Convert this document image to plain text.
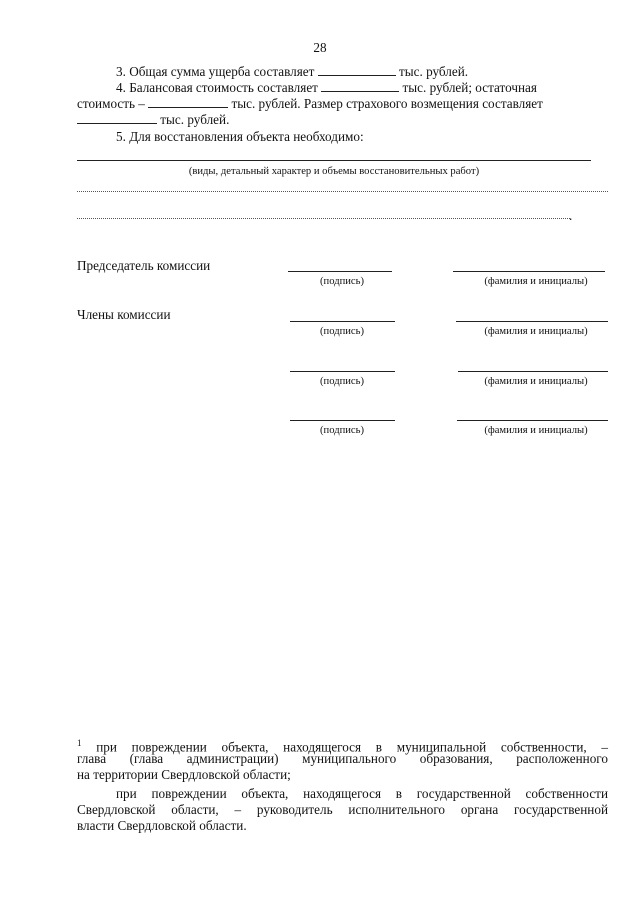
28
3. Общая сумма ущерба составляет	тыс. рублей.
4. Балансовая стоимость составляет	тыс. рублей; остаточная
стоимость –	тыс. рублей. Размер страхового возмещения составляет
тыс. рублей.
5. Для восстановления объекта необходимо:
(виды, детальный характер и объемы восстановительных работ)
.
Председатель комиссии
(подпись)	(фамилия и инициалы)
Члены комиссии
(подпись)	(фамилия и инициалы)
(подпись)	(фамилия и инициалы)
(подпись)	(фамилия и инициалы)
$^1$ при повреждении объекта, находящегося в муниципальной собственности, –
глава (глава администрации) муниципального образования, расположенного
на территории Свердловской области;
при повреждении объекта, находящегося в государственной собственности
Свердловской области, – руководитель исполнительного органа государственной
власти Свердловской области.
